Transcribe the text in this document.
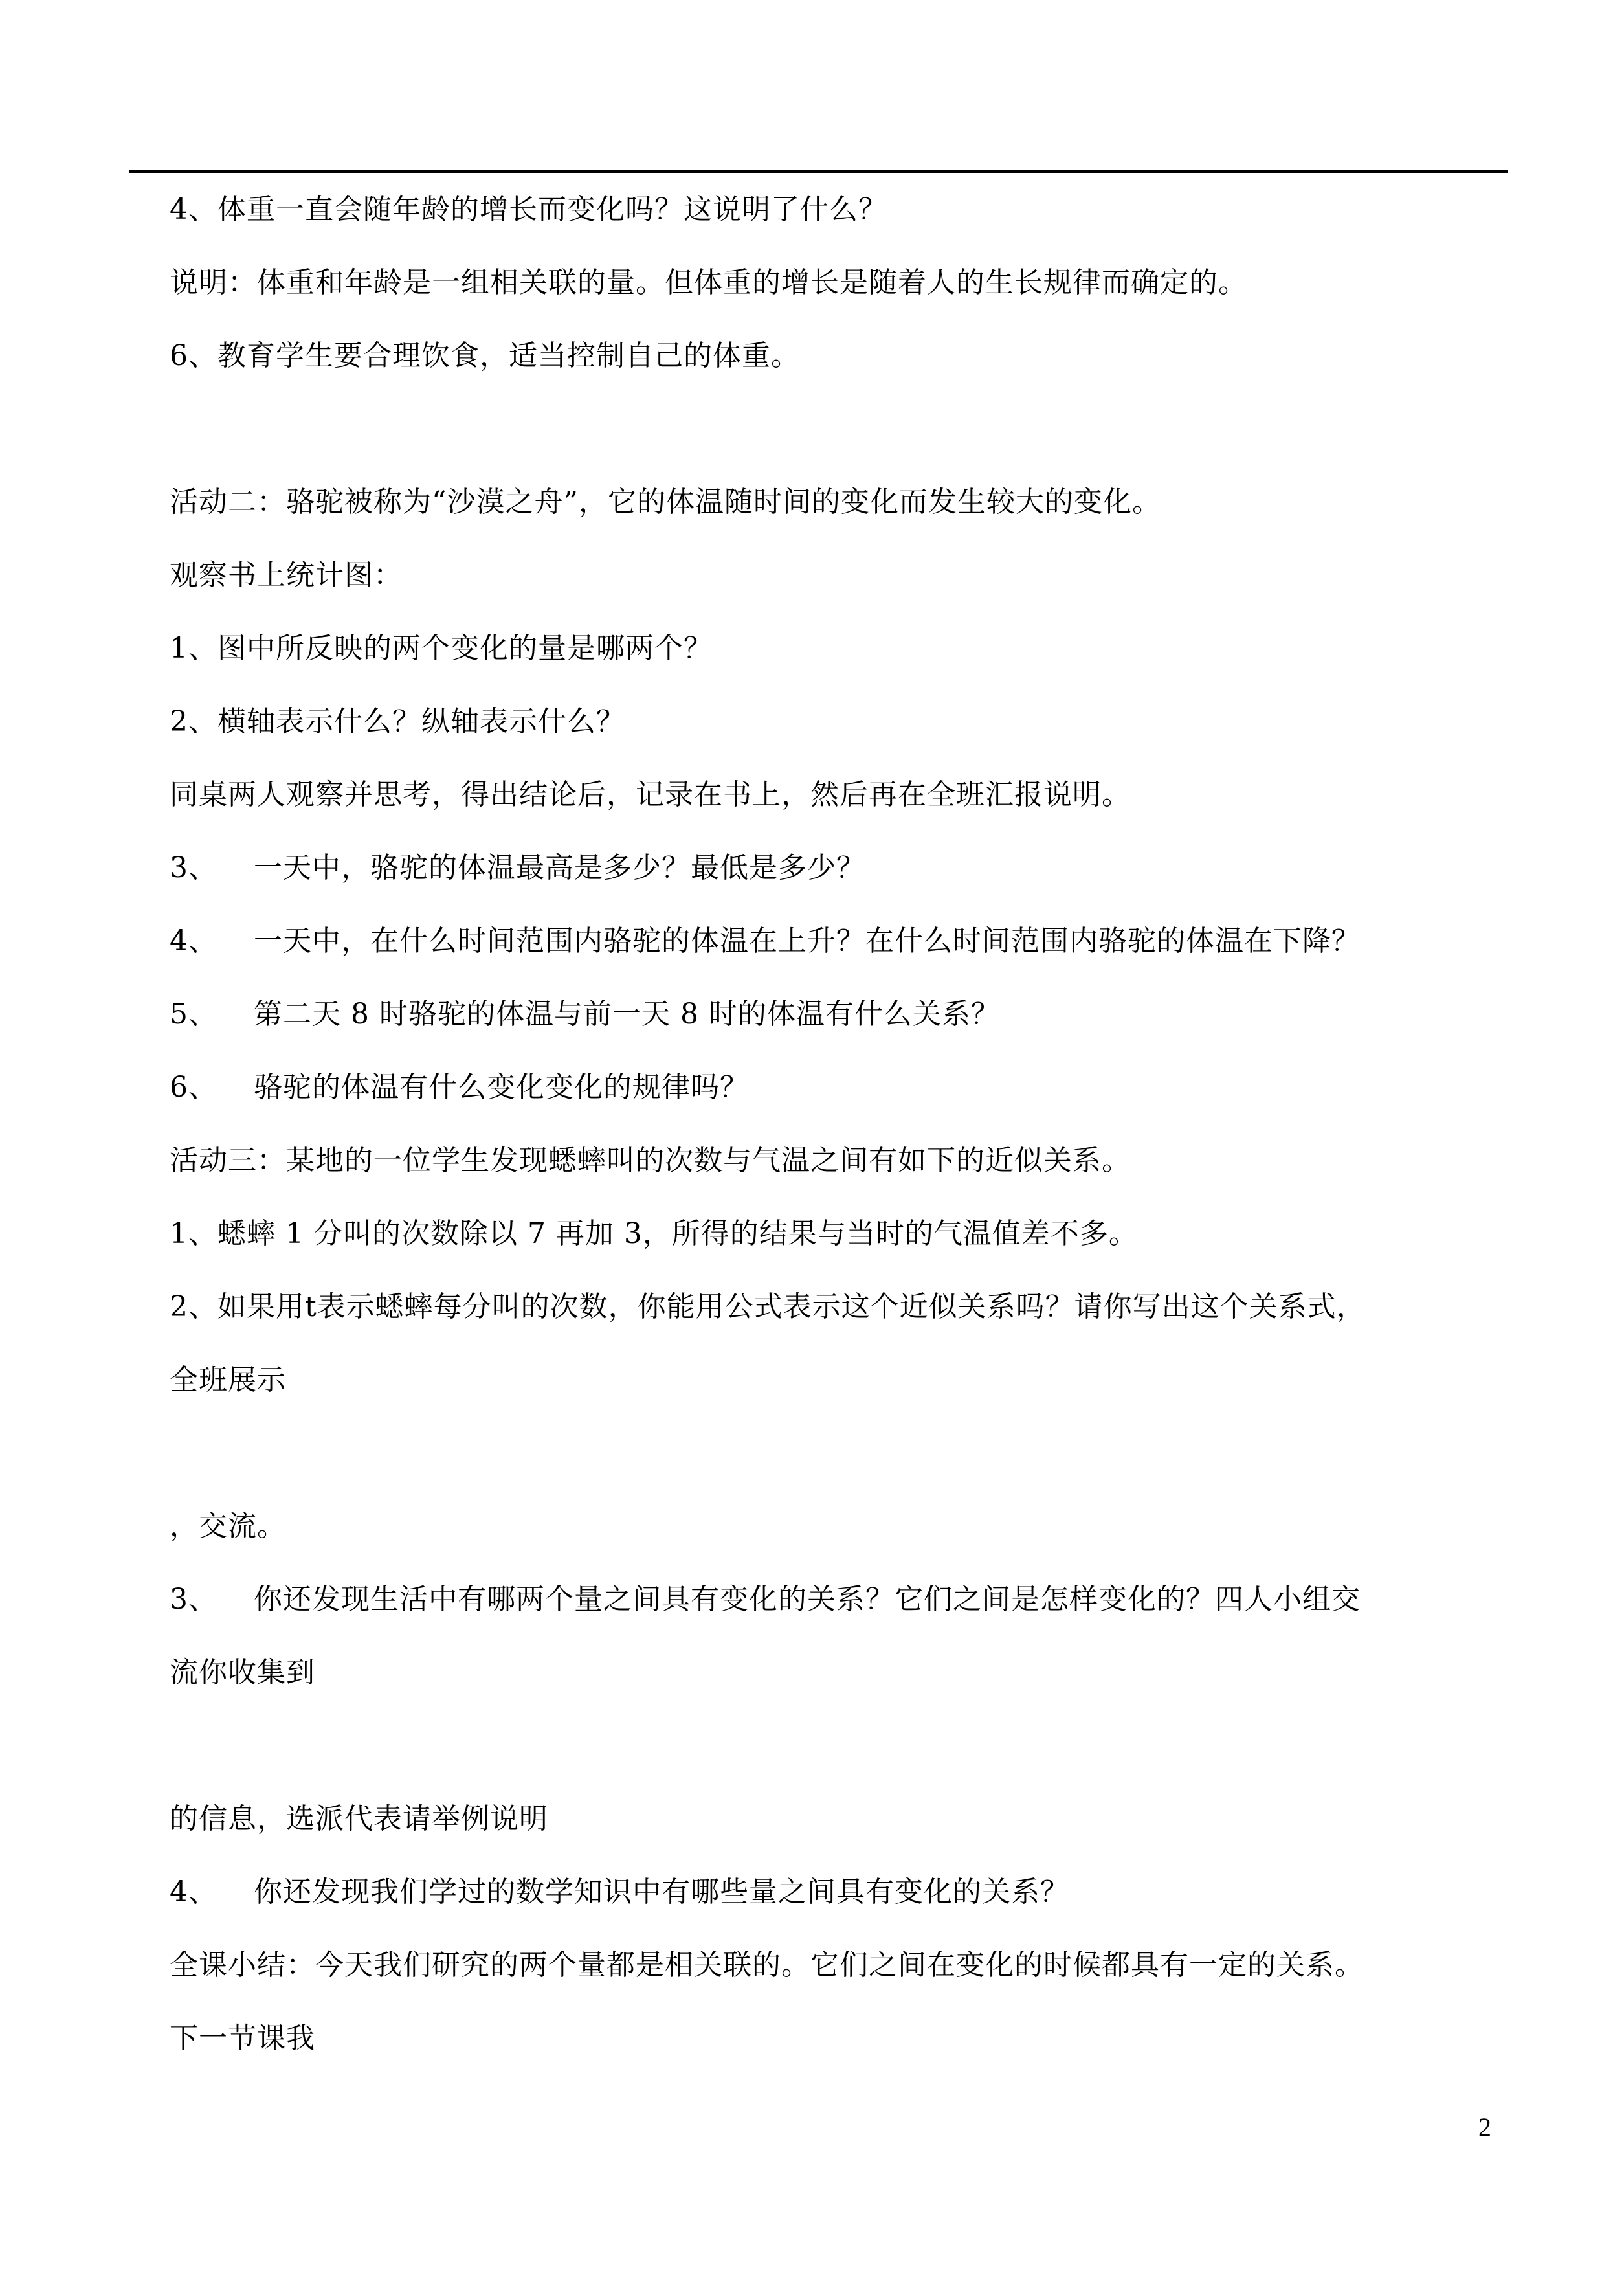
4、体重一直会随年龄的增长而变化吗？这说明了什么？
说明：体重和年龄是一组相关联的量。但体重的增长是随着人的生长规律而确定的。
6、教育学生要合理饮食，适当控制自己的体重。
活动二：骆驼被称为“沙漠之舟”，它的体温随时间的变化而发生较大的变化。
观察书上统计图：
1、图中所反映的两个变化的量是哪两个？
2、横轴表示什么？纵轴表示什么？
同桌两人观察并思考，得出结论后，记录在书上，然后再在全班汇报说明。
3、 一天中，骆驼的体温最高是多少？最低是多少？
4、 一天中，在什么时间范围内骆驼的体温在上升？在什么时间范围内骆驼的体温在下降？
5、 第二天 8 时骆驼的体温与前一天 8 时的体温有什么关系？
6、 骆驼的体温有什么变化变化的规律吗？
活动三：某地的一位学生发现蟋蟀叫的次数与气温之间有如下的近似关系。
1、蟋蟀 1 分叫的次数除以 7 再加 3，所得的结果与当时的气温值差不多。
2、如果用t表示蟋蟀每分叫的次数，你能用公式表示这个近似关系吗？请你写出这个关系式，
全班展示
，交流。
3、 你还发现生活中有哪两个量之间具有变化的关系？它们之间是怎样变化的？四人小组交
流你收集到
的信息，选派代表请举例说明
4、 你还发现我们学过的数学知识中有哪些量之间具有变化的关系？
全课小结：今天我们研究的两个量都是相关联的。它们之间在变化的时候都具有一定的关系。
下一节课我
2
